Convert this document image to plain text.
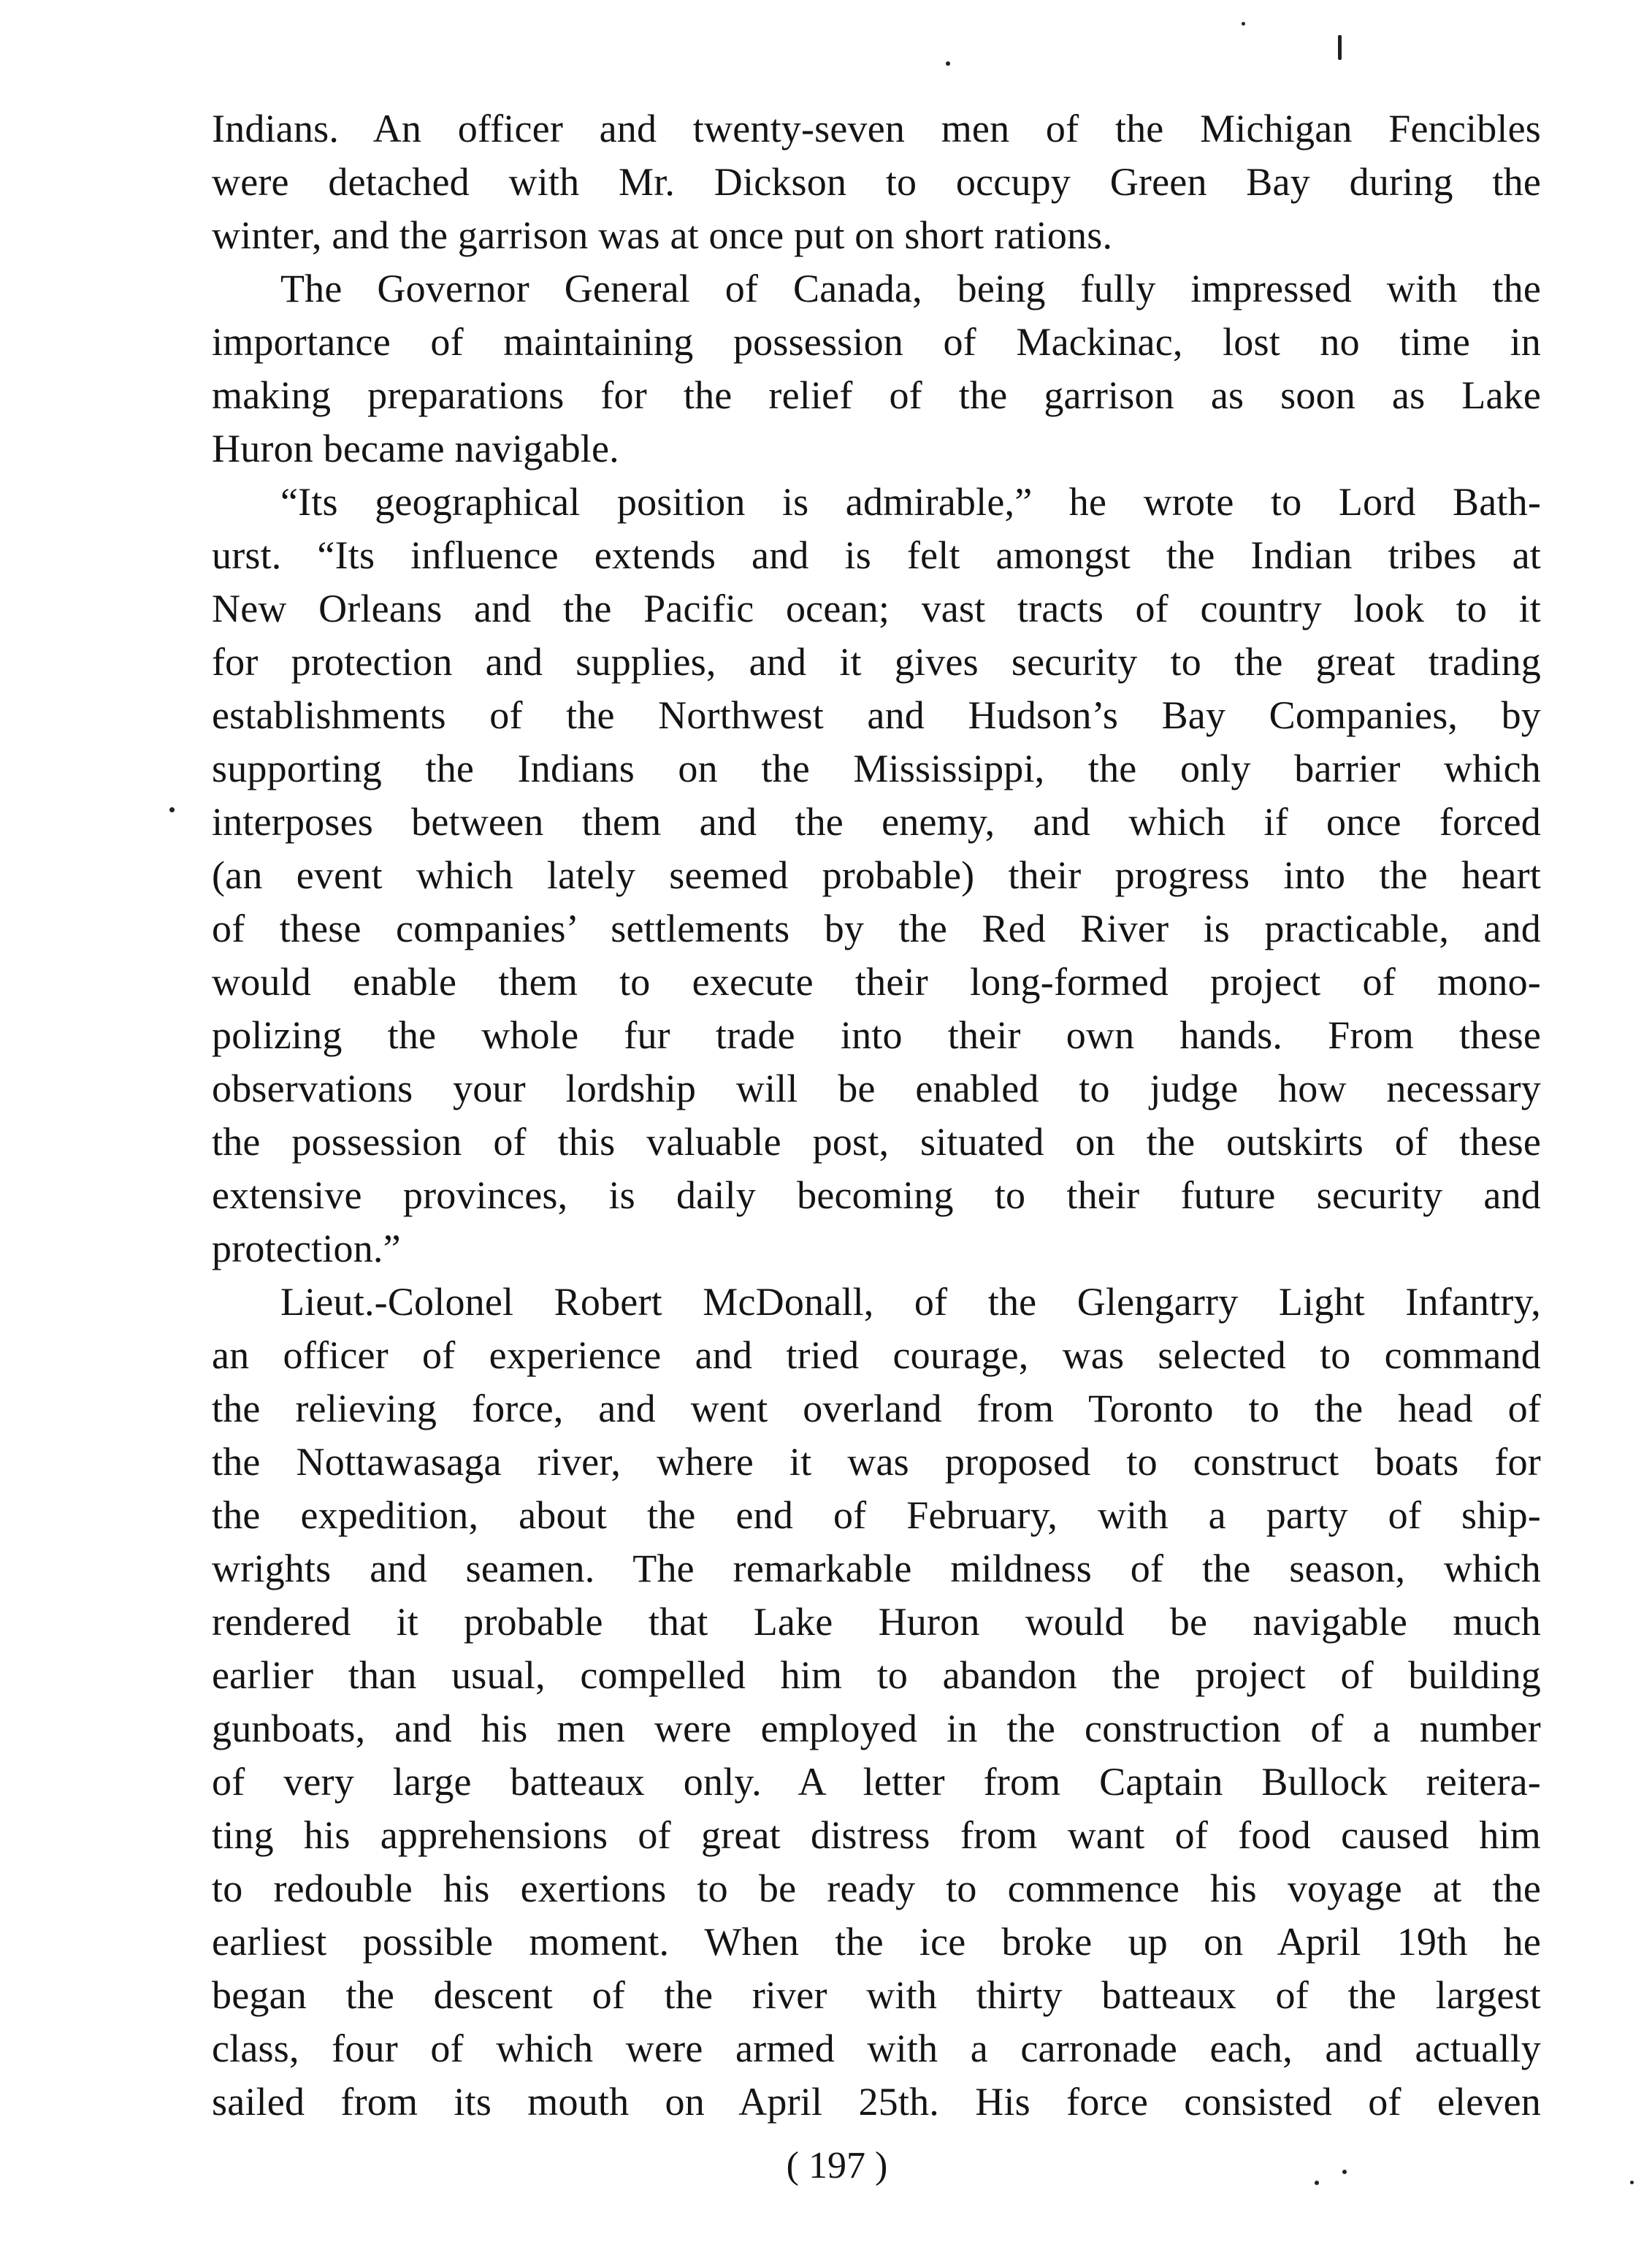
Indians. An officer and twenty-seven men of the Michigan Fencibles
were detached with Mr. Dickson to occupy Green Bay during the
winter, and the garrison was at once put on short rations.
The Governor General of Canada, being fully impressed with the
importance of maintaining possession of Mackinac, lost no time in
making preparations for the relief of the garrison as soon as Lake
Huron became navigable.
“Its geographical position is admirable,” he wrote to Lord Bath-
urst. “Its influence extends and is felt amongst the Indian tribes at
New Orleans and the Pacific ocean; vast tracts of country look to it
for protection and supplies, and it gives security to the great trading
establishments of the Northwest and Hudson’s Bay Companies, by
supporting the Indians on the Mississippi, the only barrier which
interposes between them and the enemy, and which if once forced
(an event which lately seemed probable) their progress into the heart
of these companies’ settlements by the Red River is practicable, and
would enable them to execute their long-formed project of mono-
polizing the whole fur trade into their own hands. From these
observations your lordship will be enabled to judge how necessary
the possession of this valuable post, situated on the outskirts of these
extensive provinces, is daily becoming to their future security and
protection.”
Lieut.-Colonel Robert McDonall, of the Glengarry Light Infantry,
an officer of experience and tried courage, was selected to command
the relieving force, and went overland from Toronto to the head of
the Nottawasaga river, where it was proposed to construct boats for
the expedition, about the end of February, with a party of ship-
wrights and seamen. The remarkable mildness of the season, which
rendered it probable that Lake Huron would be navigable much
earlier than usual, compelled him to abandon the project of building
gunboats, and his men were employed in the construction of a number
of very large batteaux only. A letter from Captain Bullock reitera-
ting his apprehensions of great distress from want of food caused him
to redouble his exertions to be ready to commence his voyage at the
earliest possible moment. When the ice broke up on April 19th he
began the descent of the river with thirty batteaux of the largest
class, four of which were armed with a carronade each, and actually
sailed from its mouth on April 25th. His force consisted of eleven
( 197 )
